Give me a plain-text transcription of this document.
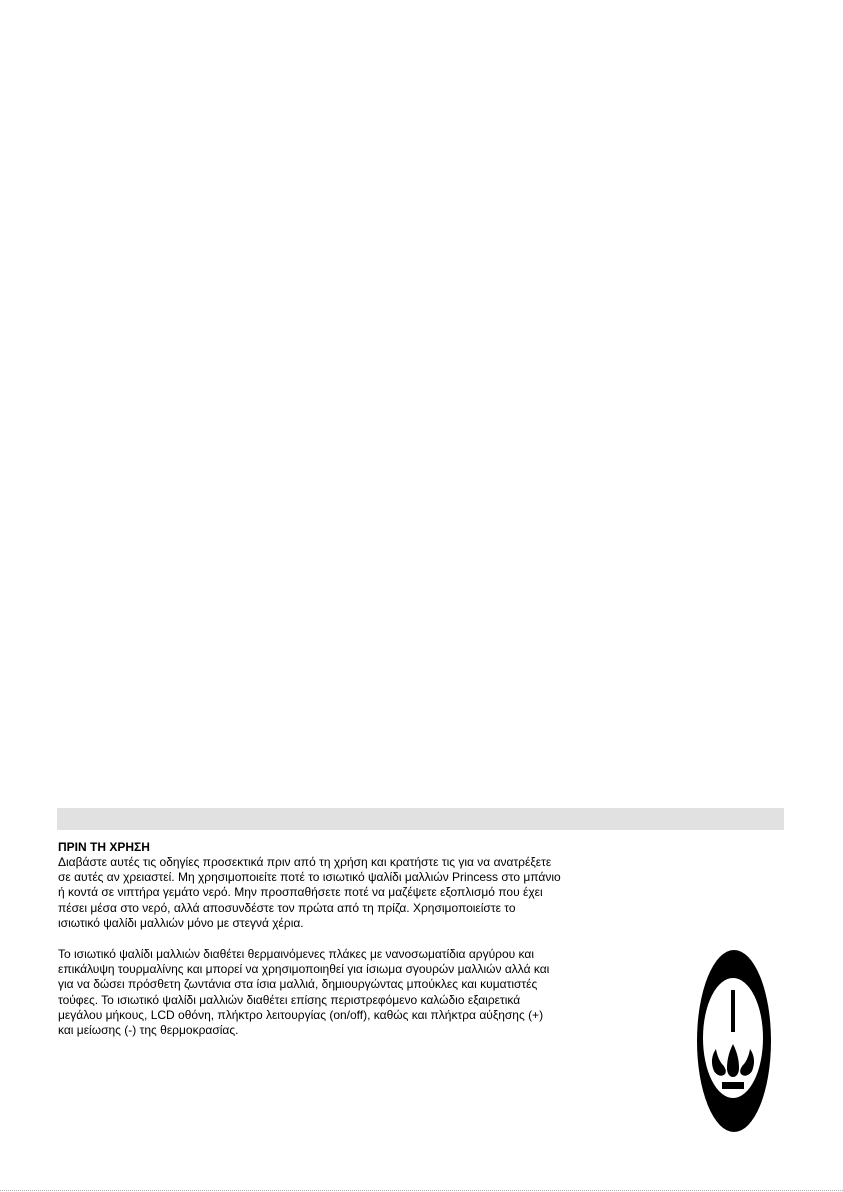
ΠΡΙΝ ΤΗ ΧΡΗΣΗ

Διαβάστε αυτές τις οδηγίες προσεκτικά πριν από τη χρήση και κρατήστε τις για να ανατρέξετε
σε αυτές αν χρειαστεί. Μη χρησιμοποιείτε ποτέ το ισιωτικό ψαλίδι μαλλιών Princess στο μπάνιο
ή κοντά σε νιπτήρα γεμάτο νερό. Μην προσπαθήσετε ποτέ να μαζέψετε εξοπλισμό που έχει
πέσει μέσα στο νερό, αλλά αποσυνδέστε τον πρώτα από τη πρίζα. Χρησιμοποιείστε το
ισιωτικό ψαλίδι μαλλιών μόνο με στεγνά χέρια.

Το ισιωτικό ψαλίδι μαλλιών διαθέτει θερμαινόμενες πλάκες με νανοσωματίδια αργύρου και
επικάλυψη τουρμαλίνης και μπορεί να χρησιμοποιηθεί για ίσιωμα σγουρών μαλλιών αλλά και
για να δώσει πρόσθετη ζωντάνια στα ίσια μαλλιά, δημιουργώντας μπούκλες και κυματιστές
τούφες. Το ισιωτικό ψαλίδι μαλλιών διαθέτει επίσης περιστρεφόμενο καλώδιο εξαιρετικά
μεγάλου μήκους, LCD οθόνη, πλήκτρο λειτουργίας (on/off), καθώς και πλήκτρα αύξησης (+)
και μείωσης (-) της θερμοκρασίας.
